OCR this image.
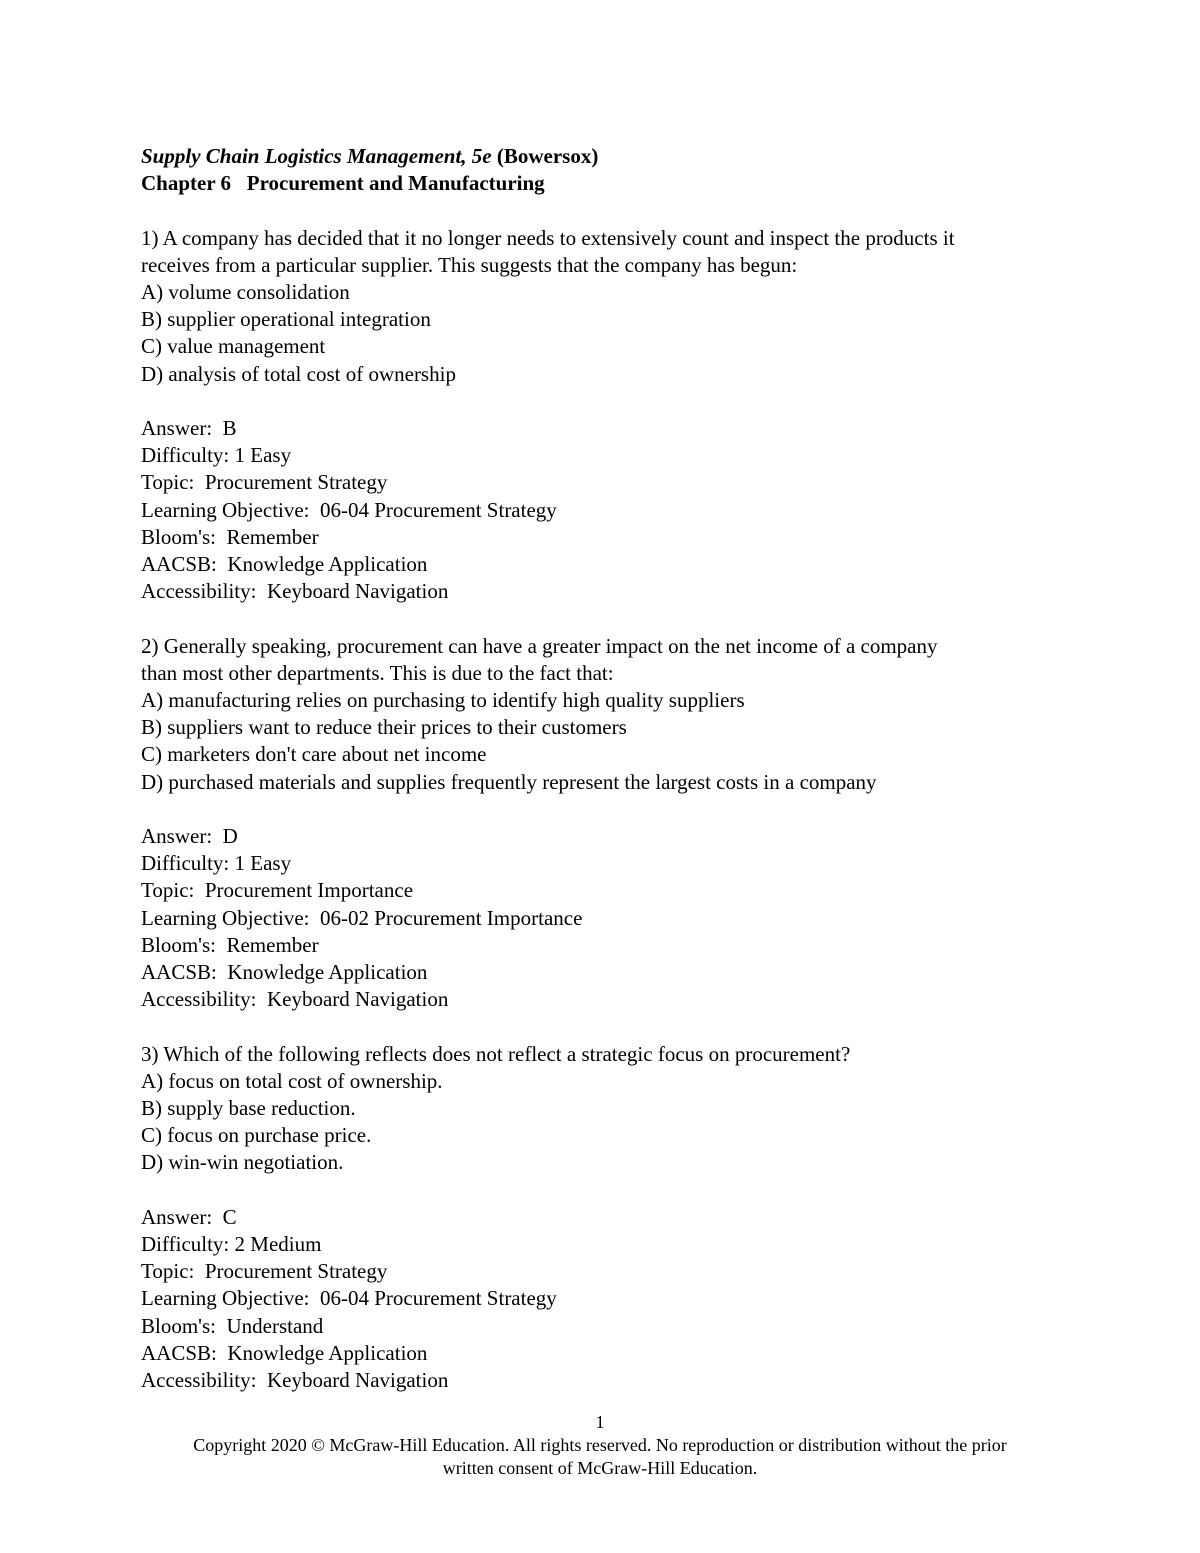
Supply Chain Logistics Management, 5e (Bowersox)
Chapter 6   Procurement and Manufacturing
1) A company has decided that it no longer needs to extensively count and inspect the products it
receives from a particular supplier. This suggests that the company has begun:
A) volume consolidation
B) supplier operational integration
C) value management
D) analysis of total cost of ownership
Answer:  B
Difficulty: 1 Easy
Topic:  Procurement Strategy
Learning Objective:  06-04 Procurement Strategy
Bloom's:  Remember
AACSB:  Knowledge Application
Accessibility:  Keyboard Navigation
2) Generally speaking, procurement can have a greater impact on the net income of a company
than most other departments. This is due to the fact that:
A) manufacturing relies on purchasing to identify high quality suppliers
B) suppliers want to reduce their prices to their customers
C) marketers don't care about net income
D) purchased materials and supplies frequently represent the largest costs in a company
Answer:  D
Difficulty: 1 Easy
Topic:  Procurement Importance
Learning Objective:  06-02 Procurement Importance
Bloom's:  Remember
AACSB:  Knowledge Application
Accessibility:  Keyboard Navigation
3) Which of the following reflects does not reflect a strategic focus on procurement?
A) focus on total cost of ownership.
B) supply base reduction.
C) focus on purchase price.
D) win-win negotiation.
Answer:  C
Difficulty: 2 Medium
Topic:  Procurement Strategy
Learning Objective:  06-04 Procurement Strategy
Bloom's:  Understand
AACSB:  Knowledge Application
Accessibility:  Keyboard Navigation
1
Copyright 2020 © McGraw-Hill Education. All rights reserved. No reproduction or distribution without the prior
written consent of McGraw-Hill Education.
